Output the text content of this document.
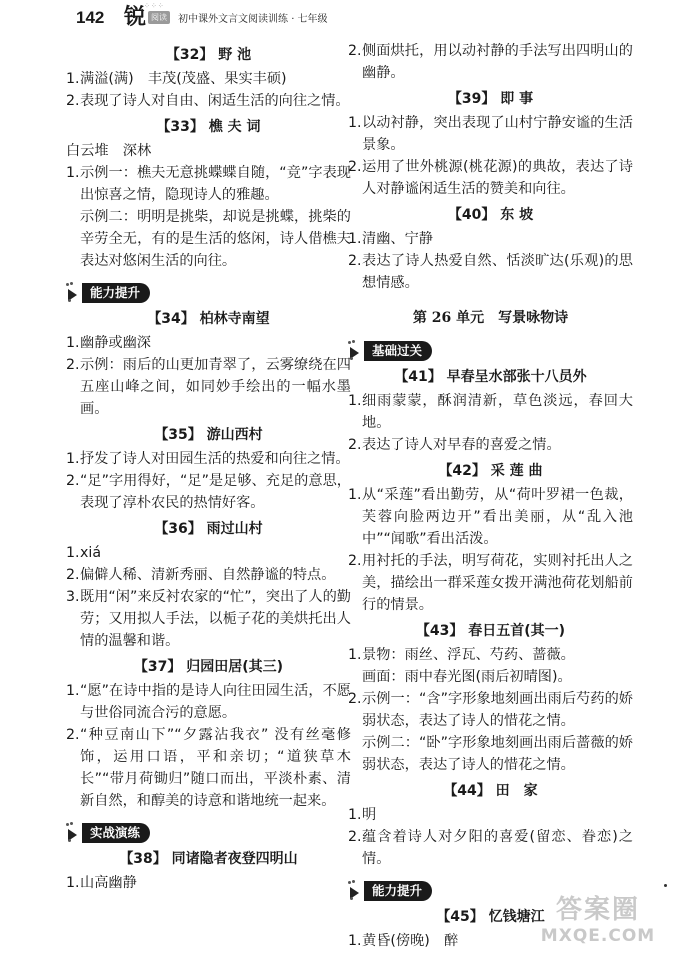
142
⁘⁘⁘
锐 阅读	初中课外文言文阅读训练 · 七年级
【32】 野 池
1. 满溢(满)　丰茂(茂盛、果实丰硕)
2. 表现了诗人对自由、闲适生活的向往之情。
【33】 樵 夫 词
白云堆　深林
1. 示例一：樵夫无意挑蝶蝶自随，“竞”字表现出惊喜之情，隐现诗人的雅趣。
示例二：明明是挑柴，却说是挑蝶，挑柴的辛劳全无，有的是生活的悠闲，诗人借樵夫表达对悠闲生活的向往。
能力提升
【34】 柏林寺南望
1. 幽静或幽深
2. 示例：雨后的山更加青翠了，云雾缭绕在四五座山峰之间，如同妙手绘出的一幅水墨画。
【35】 游山西村
1. 抒发了诗人对田园生活的热爱和向往之情。
2. “足”字用得好，“足”是足够、充足的意思，表现了淳朴农民的热情好客。
【36】 雨过山村
1. xiá
2. 偏僻人稀、清新秀丽、自然静谧的特点。
3. 既用“闲”来反衬农家的“忙”，突出了人的勤劳；又用拟人手法，以栀子花的美烘托出人情的温馨和谐。
【37】 归园田居(其三)
1. “愿”在诗中指的是诗人向往田园生活，不愿与世俗同流合污的意愿。
2. “种豆南山下”“夕露沾我衣” 没有丝毫修饰，运用口语，平和亲切；“道狭草木长”“带月荷锄归”随口而出，平淡朴素、清新自然，和醇美的诗意和谐地统一起来。
实战演练
【38】 同诸隐者夜登四明山
1. 山高幽静
2. 侧面烘托，用以动衬静的手法写出四明山的幽静。
【39】 即 事
1. 以动衬静，突出表现了山村宁静安谧的生活景象。
2. 运用了世外桃源(桃花源)的典故，表达了诗人对静谧闲适生活的赞美和向往。
【40】 东 坡
1. 清幽、宁静
2. 表达了诗人热爱自然、恬淡旷达(乐观)的思想情感。
第 26 单元　写景咏物诗
基础过关
【41】 早春呈水部张十八员外
1. 细雨蒙蒙，酥润清新，草色淡远，春回大地。
2. 表达了诗人对早春的喜爱之情。
【42】 采 莲 曲
1. 从“采莲”看出勤劳，从“荷叶罗裙一色裁，芙蓉向脸两边开”看出美丽，从“乱入池中”“闻歌”看出活泼。
2. 用衬托的手法，明写荷花，实则衬托出人之美，描绘出一群采莲女拨开满池荷花划船前行的情景。
【43】 春日五首(其一)
1. 景物：雨丝、浮瓦、芍药、蔷薇。
画面：雨中春光图(雨后初晴图)。
2. 示例一：“含”字形象地刻画出雨后芍药的娇弱状态，表达了诗人的惜花之情。
示例二：“卧”字形象地刻画出雨后蔷薇的娇弱状态，表达了诗人的惜花之情。
【44】 田　家
1. 明
2. 蕴含着诗人对夕阳的喜爱(留恋、眷恋)之情。
能力提升
【45】 忆钱塘江
1. 黄昏(傍晚)　醉
答案圈
MXQE.COM
